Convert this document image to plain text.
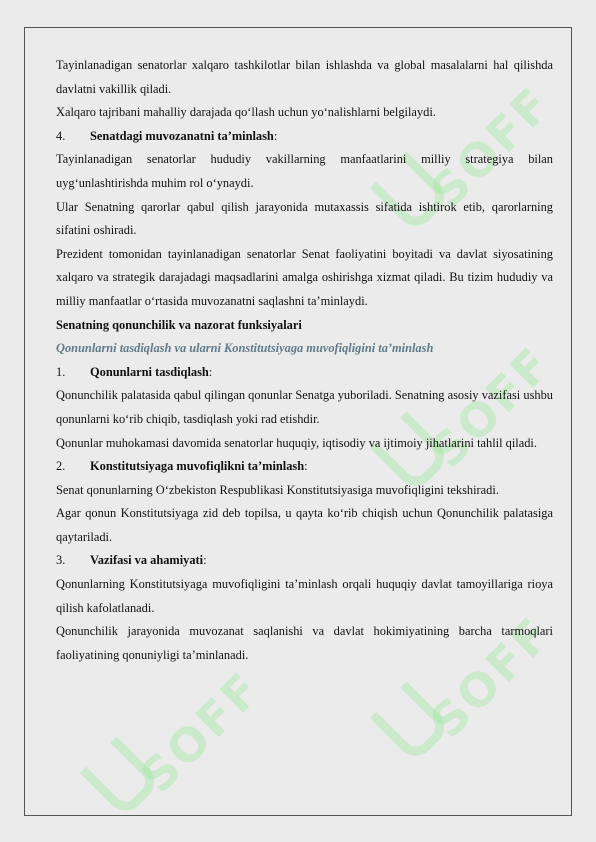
SOFF
SOFF
SOFF
SOFF

Tayinlanadigan senatorlar xalqaro tashkilotlar bilan ishlashda va global masalalarni hal qilishda davlatni vakillik qiladi.

Xalqaro tajribani mahalliy darajada qo‘llash uchun yo‘nalishlarni belgilaydi.

4. Senatdagi muvozanatni ta’minlash:

Tayinlanadigan senatorlar hududiy vakillarning manfaatlarini milliy strategiya bilan uyg‘unlashtirishda muhim rol o‘ynaydi.

Ular Senatning qarorlar qabul qilish jarayonida mutaxassis sifatida ishtirok etib, qarorlarning sifatini oshiradi.

Prezident tomonidan tayinlanadigan senatorlar Senat faoliyatini boyitadi va davlat siyosatining xalqaro va strategik darajadagi maqsadlarini amalga oshirishga xizmat qiladi. Bu tizim hududiy va milliy manfaatlar o‘rtasida muvozanatni saqlashni ta’minlaydi.

Senatning qonunchilik va nazorat funksiyalari

Qonunlarni tasdiqlash va ularni Konstitutsiyaga muvofiqligini ta’minlash

1. Qonunlarni tasdiqlash:

Qonunchilik palatasida qabul qilingan qonunlar Senatga yuboriladi. Senatning asosiy vazifasi ushbu qonunlarni ko‘rib chiqib, tasdiqlash yoki rad etishdir.

Qonunlar muhokamasi davomida senatorlar huquqiy, iqtisodiy va ijtimoiy jihatlarini tahlil qiladi.

2. Konstitutsiyaga muvofiqlikni ta’minlash:

Senat qonunlarning O‘zbekiston Respublikasi Konstitutsiyasiga muvofiqligini tekshiradi.

Agar qonun Konstitutsiyaga zid deb topilsa, u qayta ko‘rib chiqish uchun Qonunchilik palatasiga qaytariladi.

3. Vazifasi va ahamiyati:

Qonunlarning Konstitutsiyaga muvofiqligini ta’minlash orqali huquqiy davlat tamoyillariga rioya qilish kafolatlanadi.

Qonunchilik jarayonida muvozanat saqlanishi va davlat hokimiyatining barcha tarmoqlari faoliyatining qonuniyligi ta’minlanadi.
